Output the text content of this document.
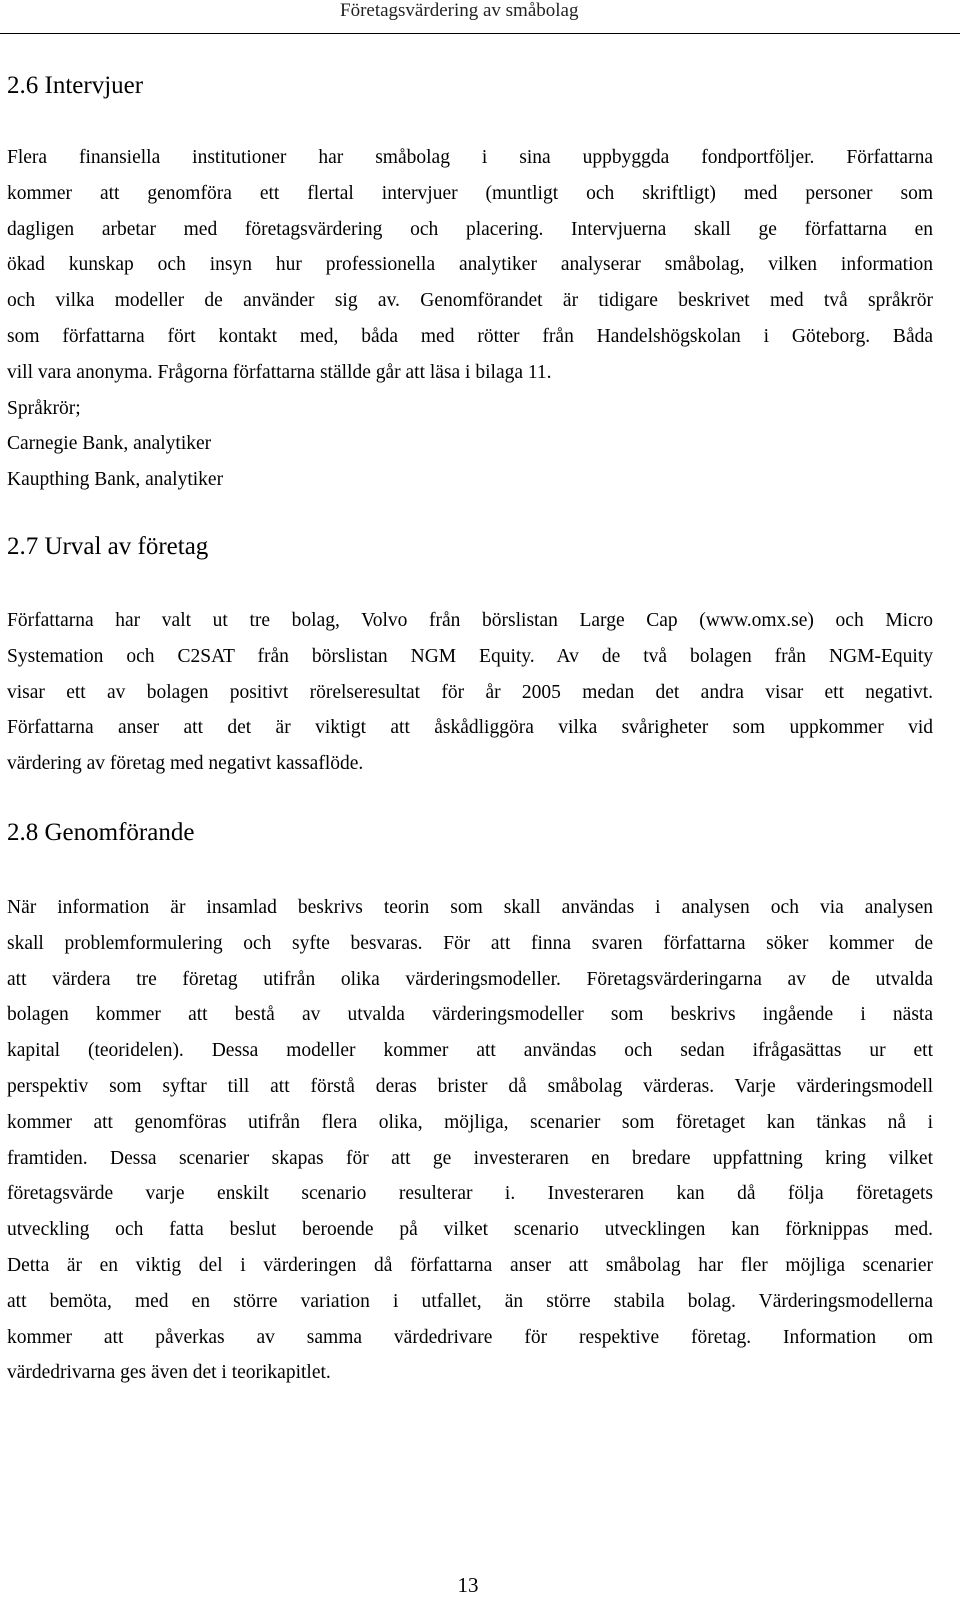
Företagsvärdering av småbolag
2.6 Intervjuer
Flera finansiella institutioner har småbolag i sina uppbyggda fondportföljer. Författarna
kommer att genomföra ett flertal intervjuer (muntligt och skriftligt) med personer som
dagligen arbetar med företagsvärdering och placering. Intervjuerna skall ge författarna en
ökad kunskap och insyn hur professionella analytiker analyserar småbolag, vilken information
och vilka modeller de använder sig av. Genomförandet är tidigare beskrivet med två språkrör
som författarna fört kontakt med, båda med rötter från Handelshögskolan i Göteborg. Båda
vill vara anonyma. Frågorna författarna ställde går att läsa i bilaga 11.
Språkrör;
Carnegie Bank, analytiker
Kaupthing Bank, analytiker
2.7 Urval av företag
Författarna har valt ut tre bolag, Volvo från börslistan Large Cap (www.omx.se) och Micro
Systemation och C2SAT från börslistan NGM Equity. Av de två bolagen från NGM-Equity
visar ett av bolagen positivt rörelseresultat för år 2005 medan det andra visar ett negativt.
Författarna anser att det är viktigt att åskådliggöra vilka svårigheter som uppkommer vid
värdering av företag med negativt kassaflöde.
2.8 Genomförande
När information är insamlad beskrivs teorin som skall användas i analysen och via analysen
skall problemformulering och syfte besvaras. För att finna svaren författarna söker kommer de
att värdera tre företag utifrån olika värderingsmodeller. Företagsvärderingarna av de utvalda
bolagen kommer att bestå av utvalda värderingsmodeller som beskrivs ingående i nästa
kapital (teoridelen). Dessa modeller kommer att användas och sedan ifrågasättas ur ett
perspektiv som syftar till att förstå deras brister då småbolag värderas. Varje värderingsmodell
kommer att genomföras utifrån flera olika, möjliga, scenarier som företaget kan tänkas nå i
framtiden. Dessa scenarier skapas för att ge investeraren en bredare uppfattning kring vilket
företagsvärde varje enskilt scenario resulterar i. Investeraren kan då följa företagets
utveckling och fatta beslut beroende på vilket scenario utvecklingen kan förknippas med.
Detta är en viktig del i värderingen då författarna anser att småbolag har fler möjliga scenarier
att bemöta, med en större variation i utfallet, än större stabila bolag. Värderingsmodellerna
kommer att påverkas av samma värdedrivare för respektive företag. Information om
värdedrivarna ges även det i teorikapitlet.
13
